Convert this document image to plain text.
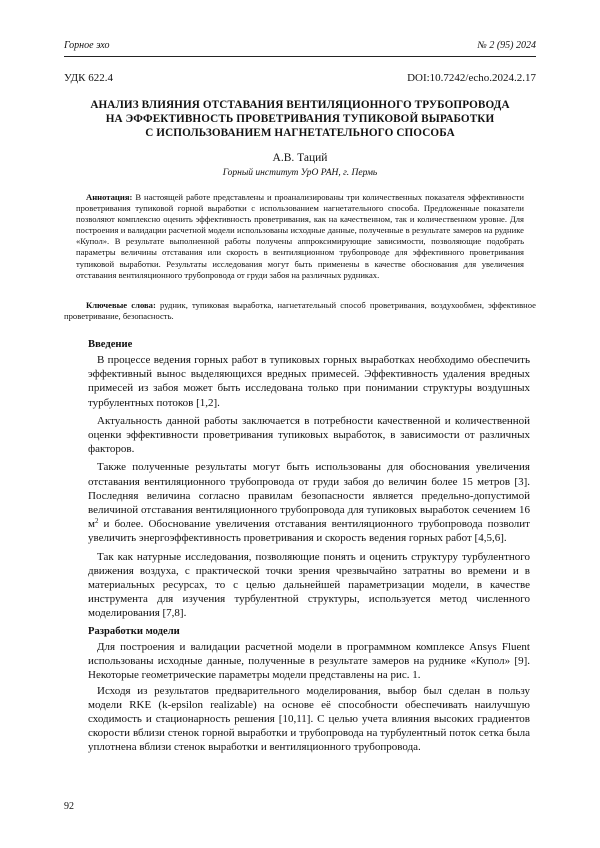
Горное эхо	№ 2 (95) 2024
УДК 622.4	DOI:10.7242/echo.2024.2.17
АНАЛИЗ ВЛИЯНИЯ ОТСТАВАНИЯ ВЕНТИЛЯЦИОННОГО ТРУБОПРОВОДА
НА ЭФФЕКТИВНОСТЬ ПРОВЕТРИВАНИЯ ТУПИКОВОЙ ВЫРАБОТКИ
С ИСПОЛЬЗОВАНИЕМ НАГНЕТАТЕЛЬНОГО СПОСОБА
А.В. Таций
Горный институт УрО РАН, г. Пермь
Аннотация: В настоящей работе представлены и проанализированы три количественных показателя эффективности проветривания тупиковой горной выработки с использованием нагнетательного способа. Предложенные показатели позволяют комплексно оценить эффективность проветривания, как на качественном, так и количественном уровне. Для построения и валидации расчетной модели использованы исходные данные, полученные в результате замеров на руднике «Купол». В результате выполненной работы получены аппроксимирующие зависимости, позволяющие подобрать параметры величины отставания или скорость в вентиляционном трубопроводе для эффективного проветривания тупиковой выработки. Результаты исследования могут быть применены в качестве обоснования для увеличения отставания вентиляционного трубопровода от груди забоя на различных рудниках.
Ключевые слова: рудник, тупиковая выработка, нагнетательный способ проветривания, воздухообмен, эффективное проветривание, безопасность.
Введение

В процессе ведения горных работ в тупиковых горных выработках необходимо обеспечить эффективный вынос выделяющихся вредных примесей. Эффективность удаления вредных примесей из забоя может быть исследована только при понимании структуры воздушных турбулентных потоков [1,2].

Актуальность данной работы заключается в потребности качественной и количественной оценки эффективности проветривания тупиковых выработок, в зависимости от различных факторов.

Также полученные результаты могут быть использованы для обоснования увеличения отставания вентиляционного трубопровода от груди забоя до величин более 15 метров [3]. Последняя величина согласно правилам безопасности является предельно-допустимой величиной отставания вентиляционного трубопровода для тупиковых выработок сечением 16 $м^2$ и более. Обоснование увеличения отставания вентиляционного трубопровода позволит увеличить энергоэффективность проветривания и скорость ведения горных работ [4,5,6].

Так как натурные исследования, позволяющие понять и оценить структуру турбулентного движения воздуха, с практической точки зрения чрезвычайно затратны во времени и в материальных ресурсах, то с целью дальнейшей параметризации модели, в качестве инструмента для изучения турбулентной структуры, используется метод численного моделирования [7,8].

Разработки модели

Для построения и валидации расчетной модели в программном комплексе Ansys Fluent использованы исходные данные, полученные в результате замеров на руднике «Купол» [9]. Некоторые геометрические параметры модели представлены на рис. 1.

Исходя из результатов предварительного моделирования, выбор был сделан в пользу модели RKE (k-epsilon realizable) на основе её способности обеспечивать наилучшую сходимость и стационарность решения [10,11]. С целью учета влияния высоких градиентов скорости вблизи стенок горной выработки и трубопровода на турбулентный поток сетка была уплотнена вблизи стенок выработки и вентиляционного трубопровода.

92
